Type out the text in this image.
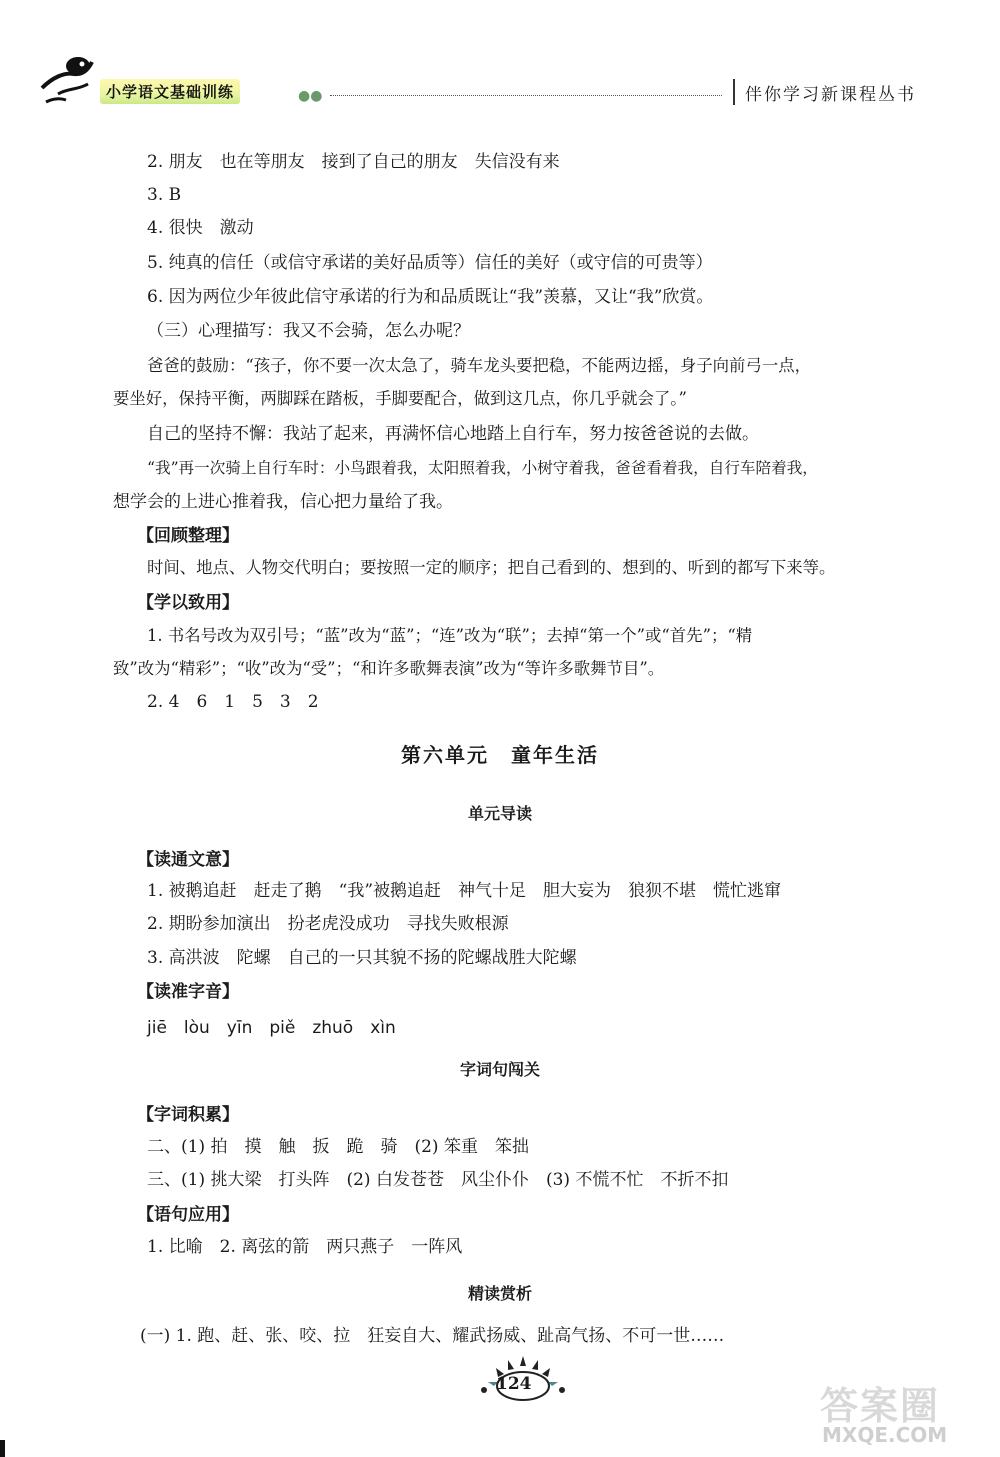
小学语文基础训练	●●	伴你学习新课程丛书
2. 朋友　也在等朋友　接到了自己的朋友　失信没有来
3. B
4. 很快　激动
5. 纯真的信任（或信守承诺的美好品质等）信任的美好（或守信的可贵等）
6. 因为两位少年彼此信守承诺的行为和品质既让“我”羡慕，又让“我”欣赏。
（三）心理描写：我又不会骑，怎么办呢？
爸爸的鼓励：“孩子，你不要一次太急了，骑车龙头要把稳，不能两边摇，身子向前弓一点，
要坐好，保持平衡，两脚踩在踏板，手脚要配合，做到这几点，你几乎就会了。”
自己的坚持不懈：我站了起来，再满怀信心地踏上自行车，努力按爸爸说的去做。
“我”再一次骑上自行车时：小鸟跟着我，太阳照着我，小树守着我，爸爸看着我，自行车陪着我，
想学会的上进心推着我，信心把力量给了我。
【回顾整理】
时间、地点、人物交代明白；要按照一定的顺序；把自己看到的、想到的、听到的都写下来等。
【学以致用】
1. 书名号改为双引号；“蓝”改为“蓝”；“连”改为“联”；去掉“第一个”或“首先”；“精
致”改为“精彩”；“收”改为“受”；“和许多歌舞表演”改为“等许多歌舞节目”。
2. 4　6　1　5　3　2
第六单元　童年生活
单元导读
【读通文意】
1. 被鹅追赶　赶走了鹅　“我”被鹅追赶　神气十足　胆大妄为　狼狈不堪　慌忙逃窜
2. 期盼参加演出　扮老虎没成功　寻找失败根源
3. 高洪波　陀螺　自己的一只其貌不扬的陀螺战胜大陀螺
【读准字音】
jiē　lòu　yīn　piě　zhuō　xìn
字词句闯关
【字词积累】
二、(1) 拍　摸　触　扳　跪　骑　(2) 笨重　笨拙
三、(1) 挑大梁　打头阵　(2) 白发苍苍　风尘仆仆　(3) 不慌不忙　不折不扣
【语句应用】
1. 比喻　2. 离弦的箭　两只燕子　一阵风
精读赏析
(一) 1. 跑、赶、张、咬、拉　狂妄自大、耀武扬威、趾高气扬、不可一世……
124	答案圈
MXQE.COM
